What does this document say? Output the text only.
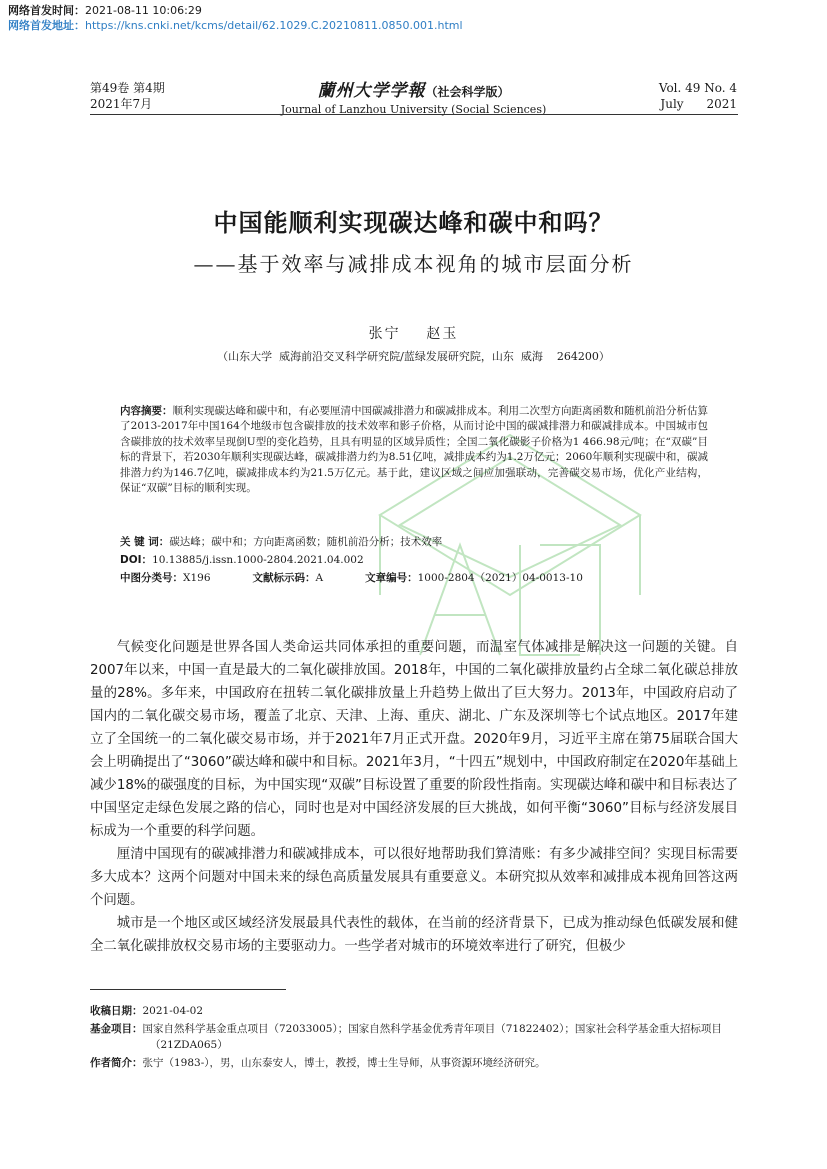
网络首发时间：2021-08-11 10:06:29
网络首发地址：https://kns.cnki.net/kcms/detail/62.1029.C.20210811.0850.001.html
第49卷 第4期
2021年7月
蘭州大学学報（社会科学版）
Journal of Lanzhou University (Social Sciences)
Vol. 49 No. 4
July      2021
中国能顺利实现碳达峰和碳中和吗？
——基于效率与减排成本视角的城市层面分析
张宁    赵玉
（山东大学  威海前沿交叉科学研究院/蓝绿发展研究院，山东  威海    264200）
内容摘要：顺利实现碳达峰和碳中和，有必要厘清中国碳减排潜力和碳减排成本。利用二次型方向距离函数和随机前沿分析估算了2013-2017年中国164个地级市包含碳排放的技术效率和影子价格，从而讨论中国的碳减排潜力和碳减排成本。中国城市包含碳排放的技术效率呈现倒U型的变化趋势，且具有明显的区域异质性；全国二氧化碳影子价格为1 466.98元/吨；在“双碳”目标的背景下，若2030年顺利实现碳达峰，碳减排潜力约为8.51亿吨，减排成本约为1.2万亿元；2060年顺利实现碳中和，碳减排潜力约为146.7亿吨，碳减排成本约为21.5万亿元。基于此，建议区域之间应加强联动，完善碳交易市场，优化产业结构，保证“双碳”目标的顺利实现。
关 键 词：碳达峰；碳中和；方向距离函数；随机前沿分析；技术效率
DOI：10.13885/j.issn.1000-2804.2021.04.002
中图分类号：X196	文献标示码：A	文章编号：1000-2804（2021）04-0013-10

气候变化问题是世界各国人类命运共同体承担的重要问题，而温室气体减排是解决这一问题的关键。自2007年以来，中国一直是最大的二氧化碳排放国。2018年，中国的二氧化碳排放量约占全球二氧化碳总排放量的28%。多年来，中国政府在扭转二氧化碳排放量上升趋势上做出了巨大努力。2013年，中国政府启动了国内的二氧化碳交易市场，覆盖了北京、天津、上海、重庆、湖北、广东及深圳等七个试点地区。2017年建立了全国统一的二氧化碳交易市场，并于2021年7月正式开盘。2020年9月，习近平主席在第75届联合国大会上明确提出了“3060”碳达峰和碳中和目标。2021年3月，“十四五”规划中，中国政府制定在2020年基础上减少18%的碳强度的目标，为中国实现“双碳”目标设置了重要的阶段性指南。实现碳达峰和碳中和目标表达了中国坚定走绿色发展之路的信心，同时也是对中国经济发展的巨大挑战，如何平衡“3060”目标与经济发展目标成为一个重要的科学问题。

厘清中国现有的碳减排潜力和碳减排成本，可以很好地帮助我们算清账：有多少减排空间？实现目标需要多大成本？这两个问题对中国未来的绿色高质量发展具有重要意义。本研究拟从效率和减排成本视角回答这两个问题。

城市是一个地区或区域经济发展最具代表性的载体，在当前的经济背景下，已成为推动绿色低碳发展和健全二氧化碳排放权交易市场的主要驱动力。一些学者对城市的环境效率进行了研究，但极少

收稿日期：2021-04-02
基金项目：国家自然科学基金重点项目（72033005）；国家自然科学基金优秀青年项目（71822402）；国家社会科学基金重大招标项目（21ZDA065）
作者简介：张宁（1983-），男，山东泰安人，博士，教授，博士生导师，从事资源环境经济研究。
